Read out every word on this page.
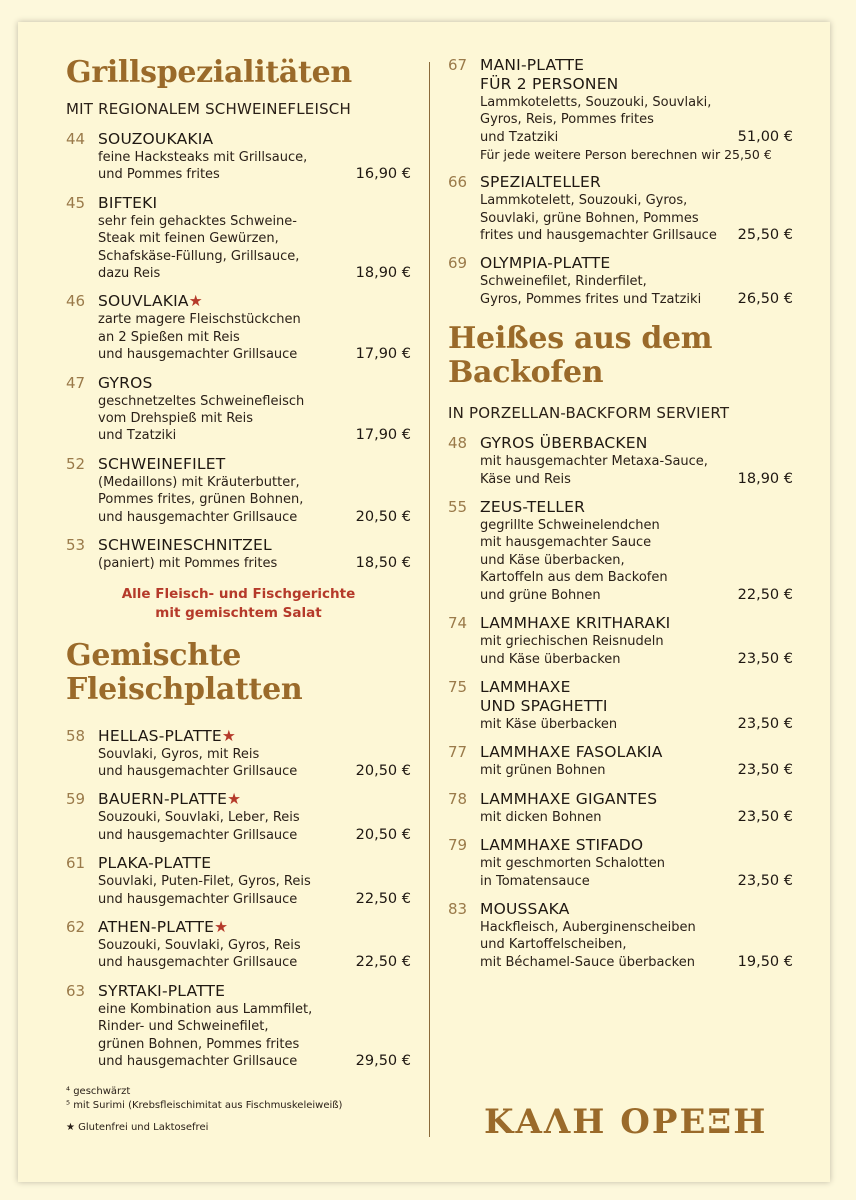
Grillspezialitäten
MIT REGIONALEM SCHWEINEFLEISCH
44 SOUZOUKAKIA
feine Hacksteaks mit Grillsauce,
und Pommes frites	16,90 €
45 BIFTEKI
sehr fein gehacktes Schweine-
Steak mit feinen Gewürzen,
Schafskäse-Füllung, Grillsauce,
dazu Reis	18,90 €
46 SOUVLAKIA★
zarte magere Fleischstückchen
an 2 Spießen mit Reis
und hausgemachter Grillsauce	17,90 €
47 GYROS
geschnetzeltes Schweinefleisch
vom Drehspieß mit Reis
und Tzatziki	17,90 €
52 SCHWEINEFILET
(Medaillons) mit Kräuterbutter,
Pommes frites, grünen Bohnen,
und hausgemachter Grillsauce	20,50 €
53 SCHWEINESCHNITZEL
(paniert) mit Pommes frites	18,50 €
Alle Fleisch- und Fischgerichte
mit gemischtem Salat
Gemischte
Fleischplatten
58 HELLAS-PLATTE★
Souvlaki, Gyros, mit Reis
und hausgemachter Grillsauce	20,50 €
59 BAUERN-PLATTE★
Souzouki, Souvlaki, Leber, Reis
und hausgemachter Grillsauce	20,50 €
61 PLAKA-PLATTE
Souvlaki, Puten-Filet, Gyros, Reis
und hausgemachter Grillsauce	22,50 €
62 ATHEN-PLATTE★
Souzouki, Souvlaki, Gyros, Reis
und hausgemachter Grillsauce	22,50 €
63 SYRTAKI-PLATTE
eine Kombination aus Lammfilet,
Rinder- und Schweinefilet,
grünen Bohnen, Pommes frites
und hausgemachter Grillsauce	29,50 €
67 MANI-PLATTE
FÜR 2 PERSONEN
Lammkoteletts, Souzouki, Souvlaki,
Gyros, Reis, Pommes frites
und Tzatziki	51,00 €
Für jede weitere Person berechnen wir 25,50 €
66 SPEZIALTELLER
Lammkotelett, Souzouki, Gyros,
Souvlaki, grüne Bohnen, Pommes
frites und hausgemachter Grillsauce	25,50 €
69 OLYMPIA-PLATTE
Schweinefilet, Rinderfilet,
Gyros, Pommes frites und Tzatziki	26,50 €
Heißes aus dem
Backofen
IN PORZELLAN-BACKFORM SERVIERT
48 GYROS ÜBERBACKEN
mit hausgemachter Metaxa-Sauce,
Käse und Reis	18,90 €
55 ZEUS-TELLER
gegrillte Schweinelendchen
mit hausgemachter Sauce
und Käse überbacken,
Kartoffeln aus dem Backofen
und grüne Bohnen	22,50 €
74 LAMMHAXE KRITHARAKI
mit griechischen Reisnudeln
und Käse überbacken	23,50 €
75 LAMMHAXE
UND SPAGHETTI
mit Käse überbacken	23,50 €
77 LAMMHAXE FASOLAKIA
mit grünen Bohnen	23,50 €
78 LAMMHAXE GIGANTES
mit dicken Bohnen	23,50 €
79 LAMMHAXE STIFADO
mit geschmorten Schalotten
in Tomatensauce	23,50 €
83 MOUSSAKA
Hackfleisch, Auberginenscheiben
und Kartoffelscheiben,
mit Béchamel-Sauce überbacken	19,50 €
⁴ geschwärzt
⁵ mit Surimi (Krebsfleischimitat aus Fischmuskeleiweiß)
★ Glutenfrei und Laktosefrei	ΚΑΛΗ ΟΡΕΞΗ
